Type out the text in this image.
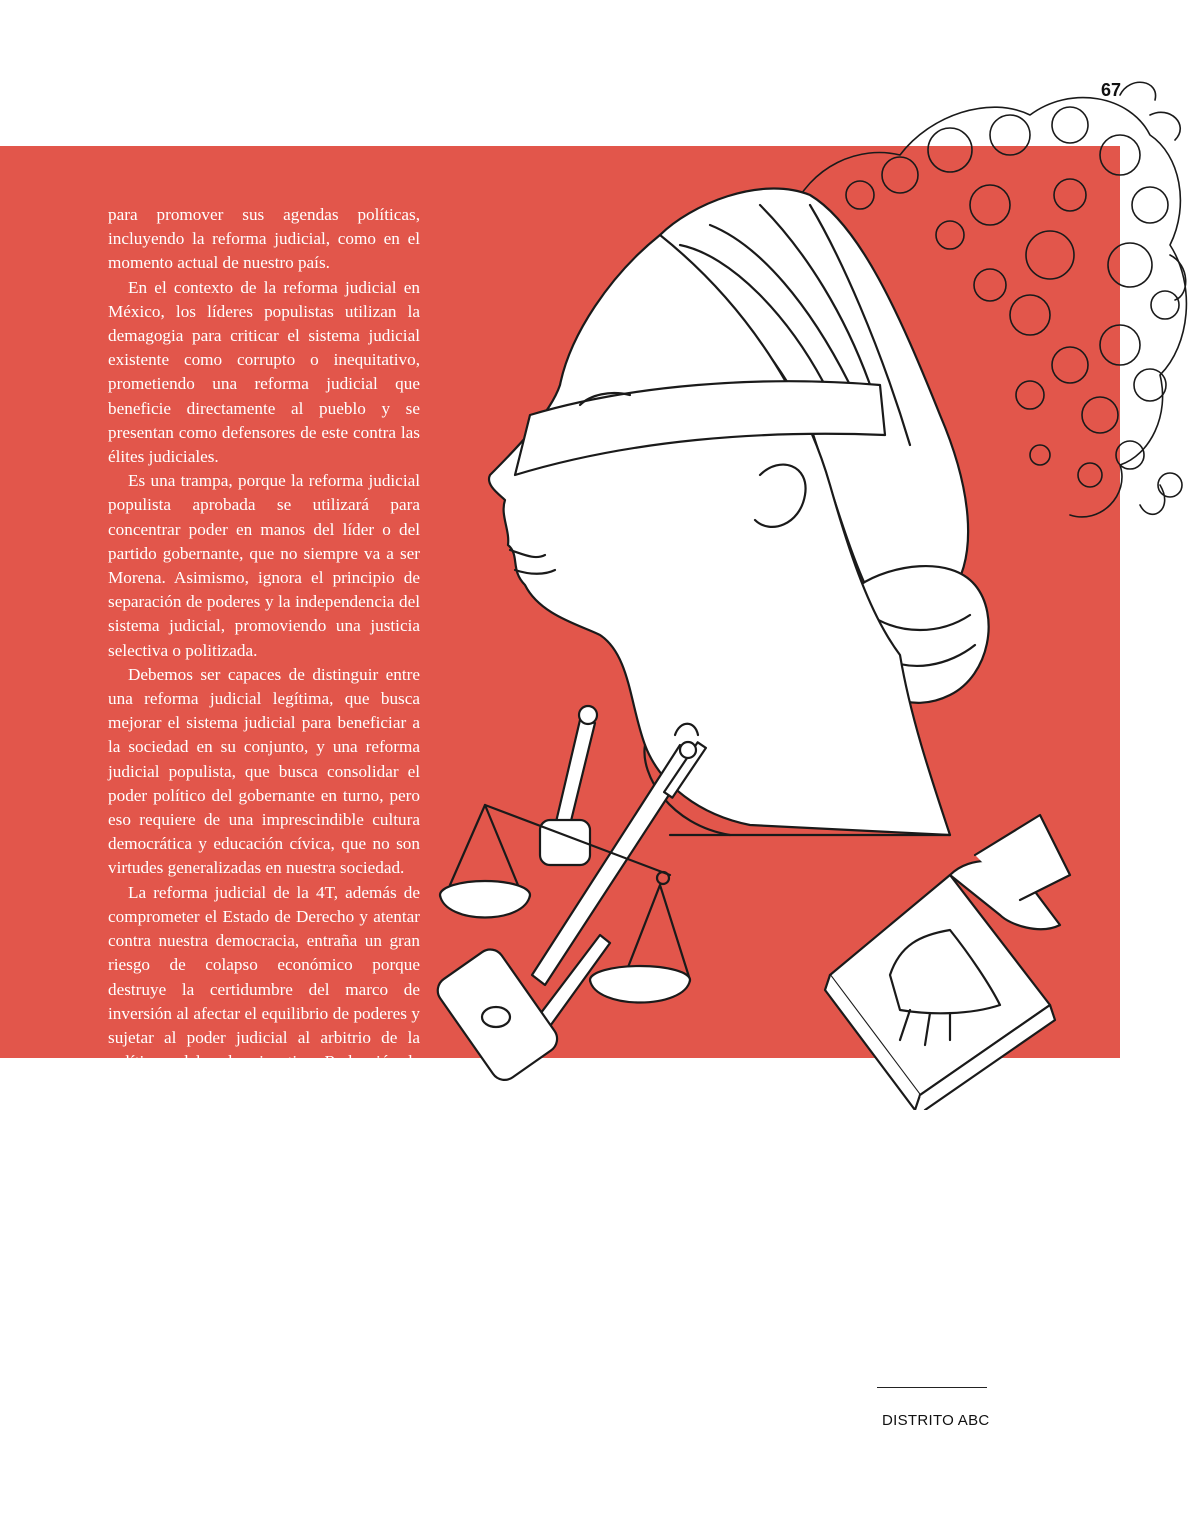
67

para promover sus agendas políticas, incluyendo la reforma judicial, como en el momento actual de nuestro país.

En el contexto de la reforma judicial en México, los líderes populistas utilizan la demagogia para criticar el sistema judicial existente como corrupto o inequitativo, prometiendo una reforma judicial que beneficie directamente al pueblo y se presentan como defensores de este contra las élites judiciales.

Es una trampa, porque la reforma judicial populista aprobada se utilizará para concentrar poder en manos del líder o del partido gobernante, que no siempre va a ser Morena. Asimismo, ignora el principio de separación de poderes y la independencia del sistema judicial, promoviendo una justicia selectiva o politizada.

Debemos ser capaces de distinguir entre una reforma judicial legítima, que busca mejorar el sistema judicial para beneficiar a la sociedad en su conjunto, y una reforma judicial populista, que busca consolidar el poder político del gobernante en turno, pero eso requiere de una imprescindible cultura democrática y educación cívica, que no son virtudes generalizadas en nuestra sociedad.

La reforma judicial de la 4T, además de comprometer el Estado de Derecho y atentar contra nuestra democracia, entraña un gran riesgo de colapso económico porque destruye la certidumbre del marco de inversión al afectar el equilibrio de poderes y sujetar al poder judicial al arbitrio de la política y del poder ejecutivo. Reducción de inversiones y reinversiones, disminución de flujos de capital, degradación de grado de inversión y por ende mayor pago de intereses al capital, regresión del fenómeno nearshoring, menos recaudación e inversión pública y hasta menos recursos para programas sociales, son algunos de los problemas que causará

la reforma judicial aprobada.

Es verdad, los problemas económicos y sociales que hemos enfrentado como país, han sido el caldo de cultivo para que líderes demagógicos lleguen al poder y arremetan contra nuestra democracia y los derechos de los mexicanos.

Pero si no luchamos de inmediato por fortalecer las instituciones, los con-

trapesos y límites que todo régimen democrático prevé para proteger su supervivencia, continuaremos en este círculo vicioso del autoritarismo que dará al traste con los modestos avances que hemos logrado como país y cuando queramos reaccionar, será demasiado tarde.

¡Dios guarde la hora!

DISTRITO ABC
